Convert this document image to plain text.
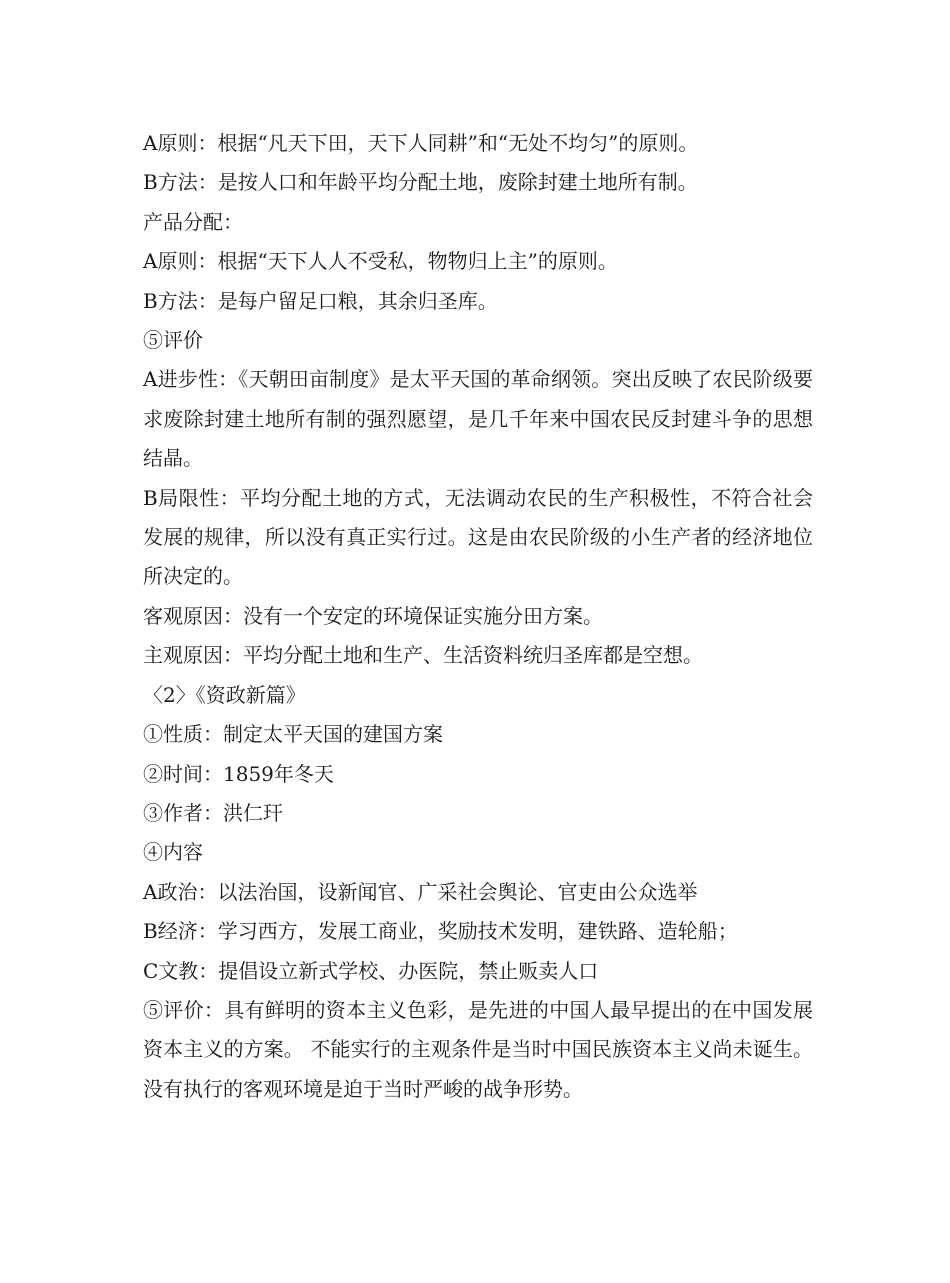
A原则：根据“凡天下田，天下人同耕”和“无处不均匀”的原则。

B方法：是按人口和年龄平均分配土地，废除封建土地所有制。

产品分配：

A原则：根据“天下人人不受私，物物归上主”的原则。

B方法：是每户留足口粮，其余归圣库。

⑤评价

A进步性：《天朝田亩制度》是太平天国的革命纲领。突出反映了农民阶级要求废除封建土地所有制的强烈愿望，是几千年来中国农民反封建斗争的思想结晶。

B局限性：平均分配土地的方式，无法调动农民的生产积极性，不符合社会发展的规律，所以没有真正实行过。这是由农民阶级的小生产者的经济地位所决定的。

客观原因：没有一个安定的环境保证实施分田方案。

主观原因：平均分配土地和生产、生活资料统归圣库都是空想。

〈2〉《资政新篇》

①性质：制定太平天国的建国方案

②时间：1859年冬天

③作者：洪仁玕

④内容

A政治：以法治国，设新闻官、广采社会舆论、官吏由公众选举

B经济：学习西方，发展工商业，奖励技术发明，建铁路、造轮船；

C文教：提倡设立新式学校、办医院，禁止贩卖人口

⑤评价：具有鲜明的资本主义色彩，是先进的中国人最早提出的在中国发展资本主义的方案。 不能实行的主观条件是当时中国民族资本主义尚未诞生。没有执行的客观环境是迫于当时严峻的战争形势。
